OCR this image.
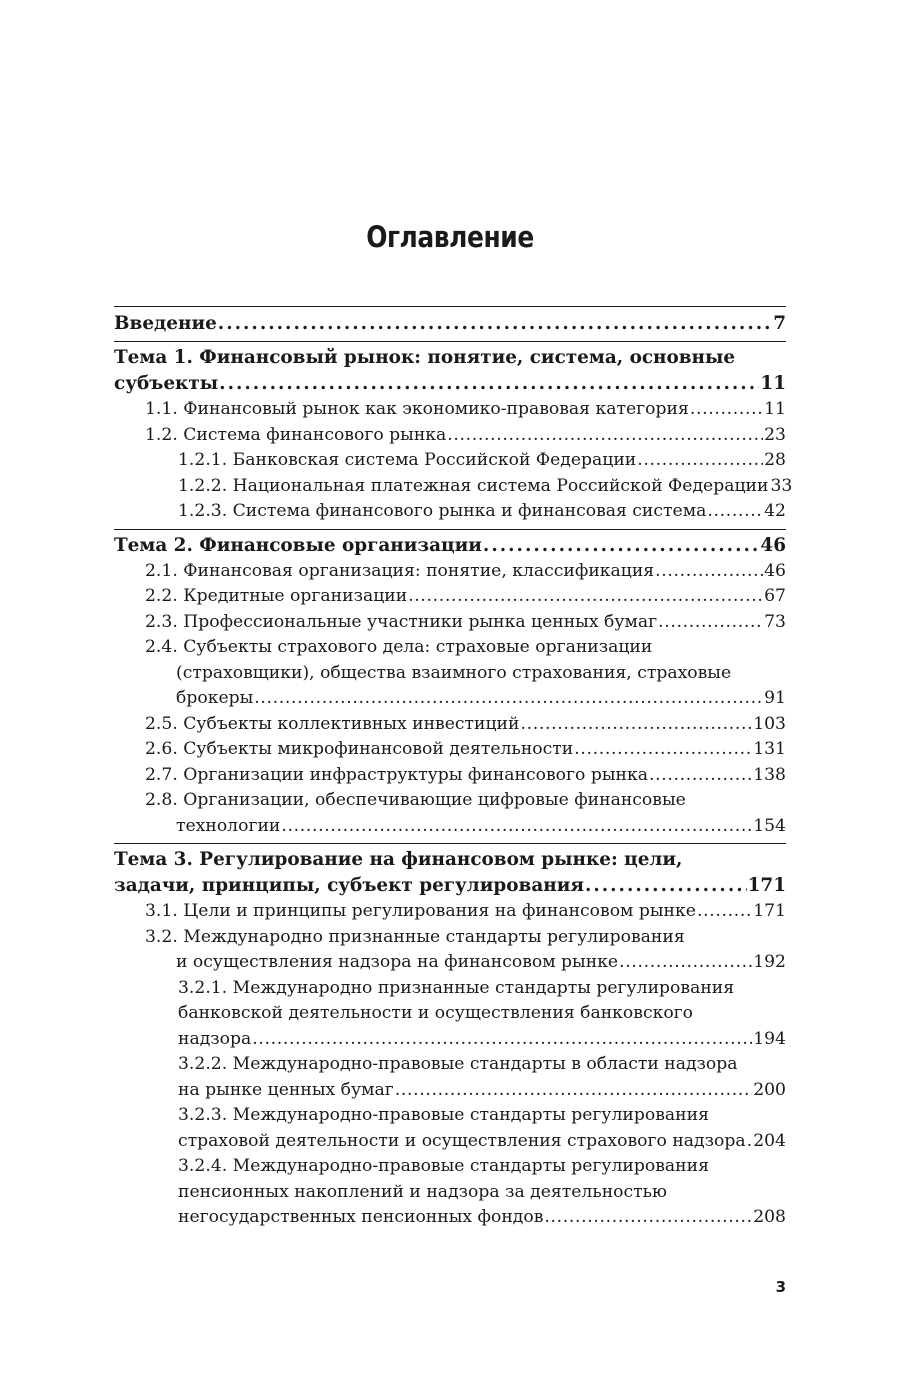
Оглавление
Введение . . .	7
Тема 1. Финансовый рынок: понятие, система, основные
субъекты . . .	11
1.1. Финансовый рынок как экономико-правовая категория . . .	11
1.2. Система финансового рынка . . .	23
1.2.1. Банковская система Российской Федерации . . .	28
1.2.2. Национальная платежная система Российской Федерации 33
1.2.3. Система финансового рынка и финансовая система . . .	42
Тема 2. Финансовые организации . . .	46
2.1. Финансовая организация: понятие, классификация . . .	46
2.2. Кредитные организации . . .	67
2.3. Профессиональные участники рынка ценных бумаг . . .	73
2.4. Субъекты страхового дела: страховые организации
(страховщики), общества взаимного страхования, страховые
брокеры . . .	91
2.5. Субъекты коллективных инвестиций . . .	103
2.6. Субъекты микрофинансовой деятельности . . .	131
2.7. Организации инфраструктуры финансового рынка . . .	138
2.8. Организации, обеспечивающие цифровые финансовые
технологии . . .	154
Тема 3. Регулирование на финансовом рынке: цели,
задачи, принципы, субъект регулирования . . .	171
3.1. Цели и принципы регулирования на финансовом рынке . . .	171
3.2. Международно признанные стандарты регулирования
и осуществления надзора на финансовом рынке . . .	192
3.2.1. Международно признанные стандарты регулирования
банковской деятельности и осуществления банковского
надзора . . .	194
3.2.2. Международно-правовые стандарты в области надзора
на рынке ценных бумаг . . .	200
3.2.3. Международно-правовые стандарты регулирования
страховой деятельности и осуществления страхового надзора . . . 204
3.2.4. Международно-правовые стандарты регулирования
пенсионных накоплений и надзора за деятельностью
негосударственных пенсионных фондов . . .	208
3
